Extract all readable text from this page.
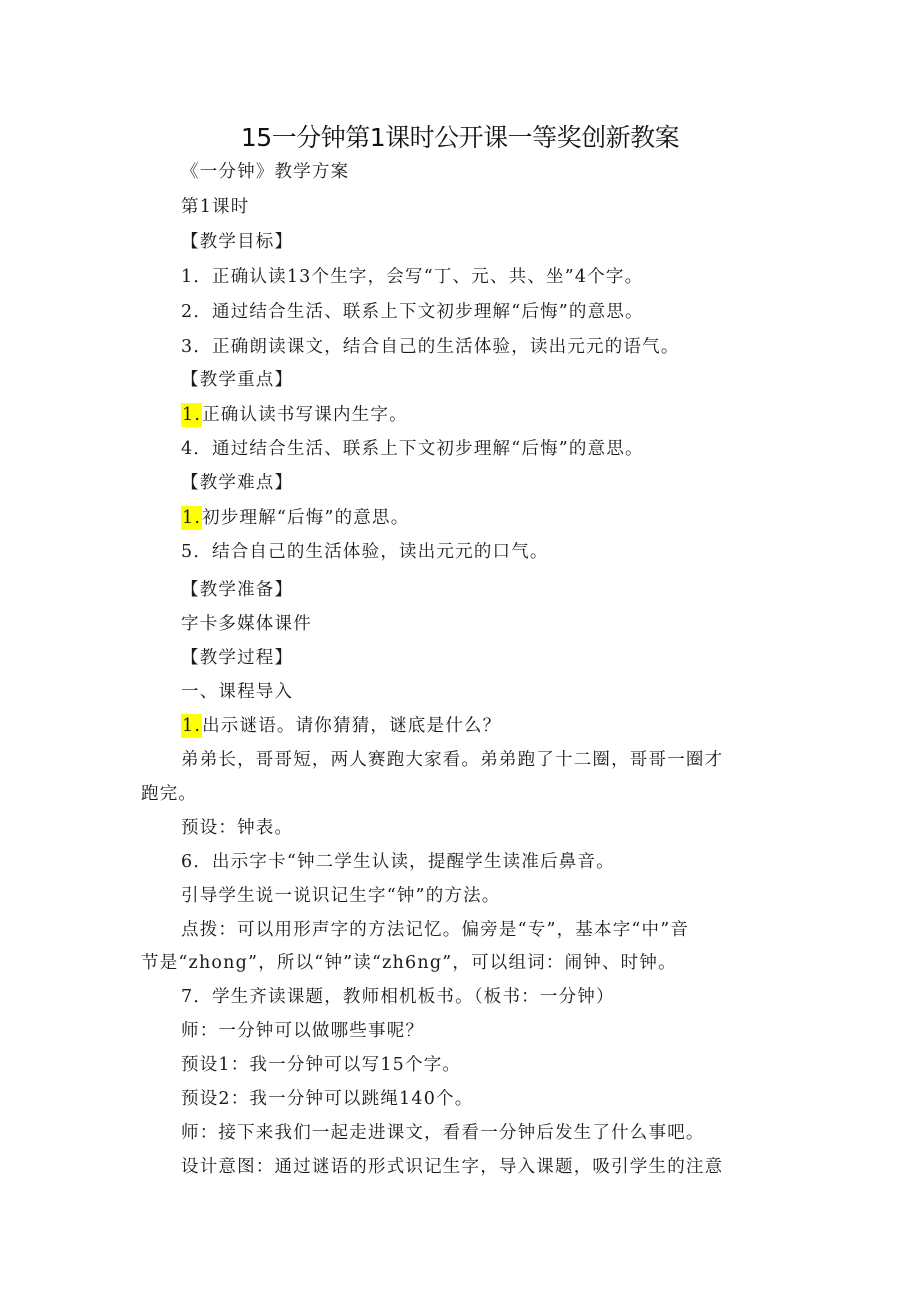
15一分钟第1课时公开课一等奖创新教案
《一分钟》教学方案
第1课时
【教学目标】
1．正确认读13个生字，会写“丁、元、共、坐”4个字。
2．通过结合生活、联系上下文初步理解“后悔”的意思。
3．正确朗读课文，结合自己的生活体验，读出元元的语气。
【教学重点】
1.正确认读书写课内生字。
4．通过结合生活、联系上下文初步理解“后悔”的意思。
【教学难点】
1.初步理解“后悔”的意思。
5．结合自己的生活体验，读出元元的口气。
【教学准备】
字卡多媒体课件
【教学过程】
一、课程导入
1.出示谜语。请你猜猜，谜底是什么？
弟弟长，哥哥短，两人赛跑大家看。弟弟跑了十二圈，哥哥一圈才
跑完。
预设：钟表。
6．出示字卡“钟二学生认读，提醒学生读准后鼻音。
引导学生说一说识记生字“钟”的方法。
点拨：可以用形声字的方法记忆。偏旁是“专”，基本字“中”音
节是“zhong”，所以“钟”读“zh6ng”，可以组词：闹钟、时钟。
7．学生齐读课题，教师相机板书。（板书：一分钟）
师：一分钟可以做哪些事呢？
预设1：我一分钟可以写15个字。
预设2：我一分钟可以跳绳140个。
师：接下来我们一起走进课文，看看一分钟后发生了什么事吧。
设计意图：通过谜语的形式识记生字，导入课题，吸引学生的注意
